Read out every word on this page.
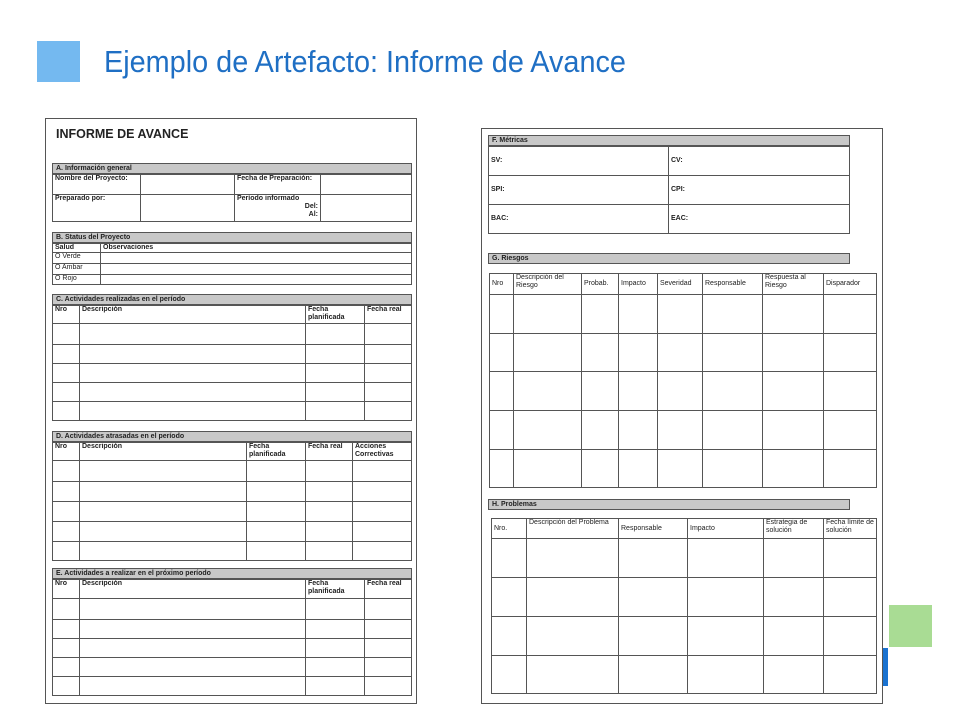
Ejemplo de Artefacto: Informe de Avance
INFORME DE AVANCE
A. Información general
Nombre del Proyecto:		Fecha de Preparación:	
Preparado por:		Período informado
Del:
Al:	

B. Status del Proyecto
Salud	Observaciones
O Verde	
O Ambar	
O Rojo	
C. Actividades realizadas en el período
Nro	Descripción	Fecha planificada	Fecha real

D. Actividades atrasadas en el período
Nro	Descripción	Fecha planificada	Fecha real	Acciones Correctivas

E. Actividades a realizar en el próximo período
Nro	Descripción	Fecha planificada	Fecha real

F. Métricas
SV:	CV:
SPI:	CPI:
BAC:	EAC:
G. Riesgos
Nro	Descripción del Riesgo	Probab.	Impacto	Severidad	Responsable	Respuesta al Riesgo	Disparador

H. Problemas
Nro.	Descripción del Problema	Responsable	Impacto	Estrategia de solución	Fecha límite de solución
